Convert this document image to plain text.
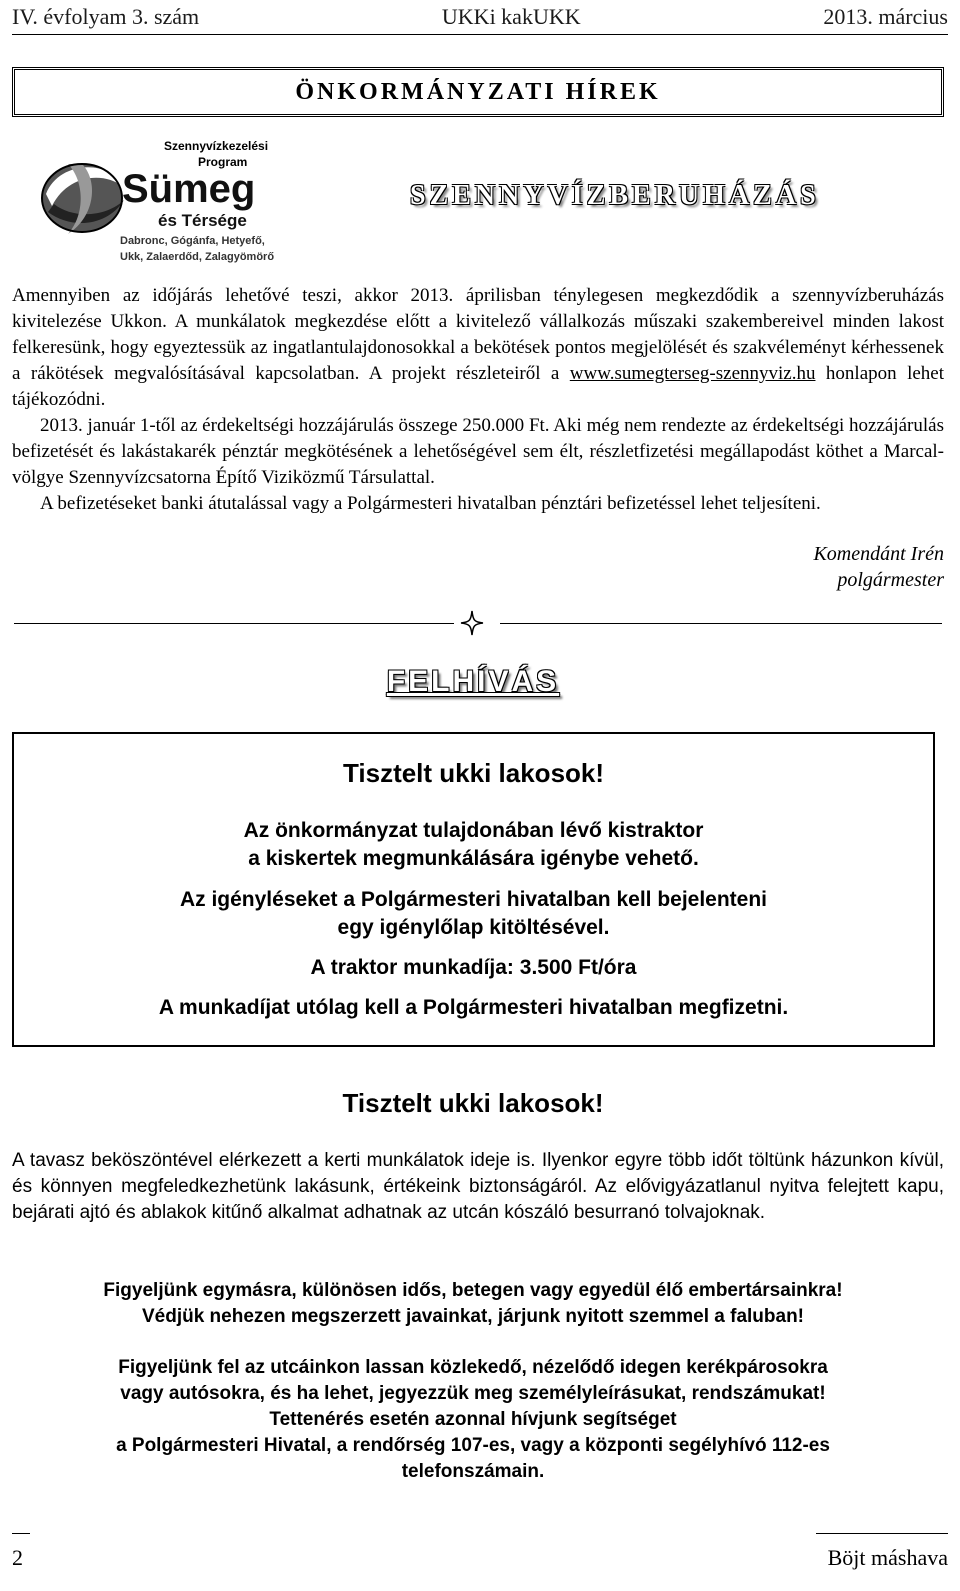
IV. évfolyam 3. szám	UKKi kakUKK	2013. március
ÖNKORMÁNYZATI HÍREK
Szennyvízkezelési
Program
Sümeg
és Térsége
Dabronc, Gógánfa, Hetyefő,
Ukk, Zalaerdőd, Zalagyömörő
SZENNYVÍZBERUHÁZÁS

Amennyiben az időjárás lehetővé teszi, akkor 2013. áprilisban ténylegesen megkezdődik a szennyvízberuházás kivitelezése Ukkon. A munkálatok megkezdése előtt a kivitelező vállalkozás műszaki szakembereivel minden lakost felkeresünk, hogy egyeztessük az ingatlantulajdonosokkal a bekötések pontos megjelölését és szakvéleményt kérhessenek a rákötések megvalósításával kapcsolatban. A projekt részleteiről a www.sumegterseg-szennyviz.hu honlapon lehet tájékozódni.

2013. január 1-től az érdekeltségi hozzájárulás összege 250.000 Ft. Aki még nem rendezte az érdekeltségi hozzájárulás befizetését és lakástakarék pénztár megkötésének a lehetőségével sem élt, részletfizetési megállapodást köthet a Marcal-völgye Szennyvízcsatorna Építő Viziközmű Társulattal.

A befizetéseket banki átutalással vagy a Polgármesteri hivatalban pénztári befizetéssel lehet teljesíteni.

Komendánt Irén
polgármester
FELHÍVÁS
Tisztelt ukki lakosok!
Az önkormányzat tulajdonában lévő kistraktor
a kiskertek megmunkálására igénybe vehető.
Az igényléseket a Polgármesteri hivatalban kell bejelenteni
egy igénylőlap kitöltésével.
A traktor munkadíja: 3.500 Ft/óra
A munkadíjat utólag kell a Polgármesteri hivatalban megfizetni.
Tisztelt ukki lakosok!
A tavasz beköszöntével elérkezett a kerti munkálatok ideje is. Ilyenkor egyre több időt töltünk házunkon kívül, és könnyen megfeledkezhetünk lakásunk, értékeink biztonságáról. Az elővigyázatlanul nyitva felejtett kapu, bejárati ajtó és ablakok kitűnő alkalmat adhatnak az utcán kószáló besurranó tolvajoknak.
Figyeljünk egymásra, különösen idős, betegen vagy egyedül élő embertársainkra!
Védjük nehezen megszerzett javainkat, járjunk nyitott szemmel a faluban!
Figyeljünk fel az utcáinkon lassan közlekedő, nézelődő idegen kerékpárosokra
vagy autósokra, és ha lehet, jegyezzük meg személyleírásukat, rendszámukat!
Tettenérés esetén azonnal hívjunk segítséget
a Polgármesteri Hivatal, a rendőrség 107-es, vagy a központi segélyhívó 112-es
telefonszámain.
2	Böjt máshava
